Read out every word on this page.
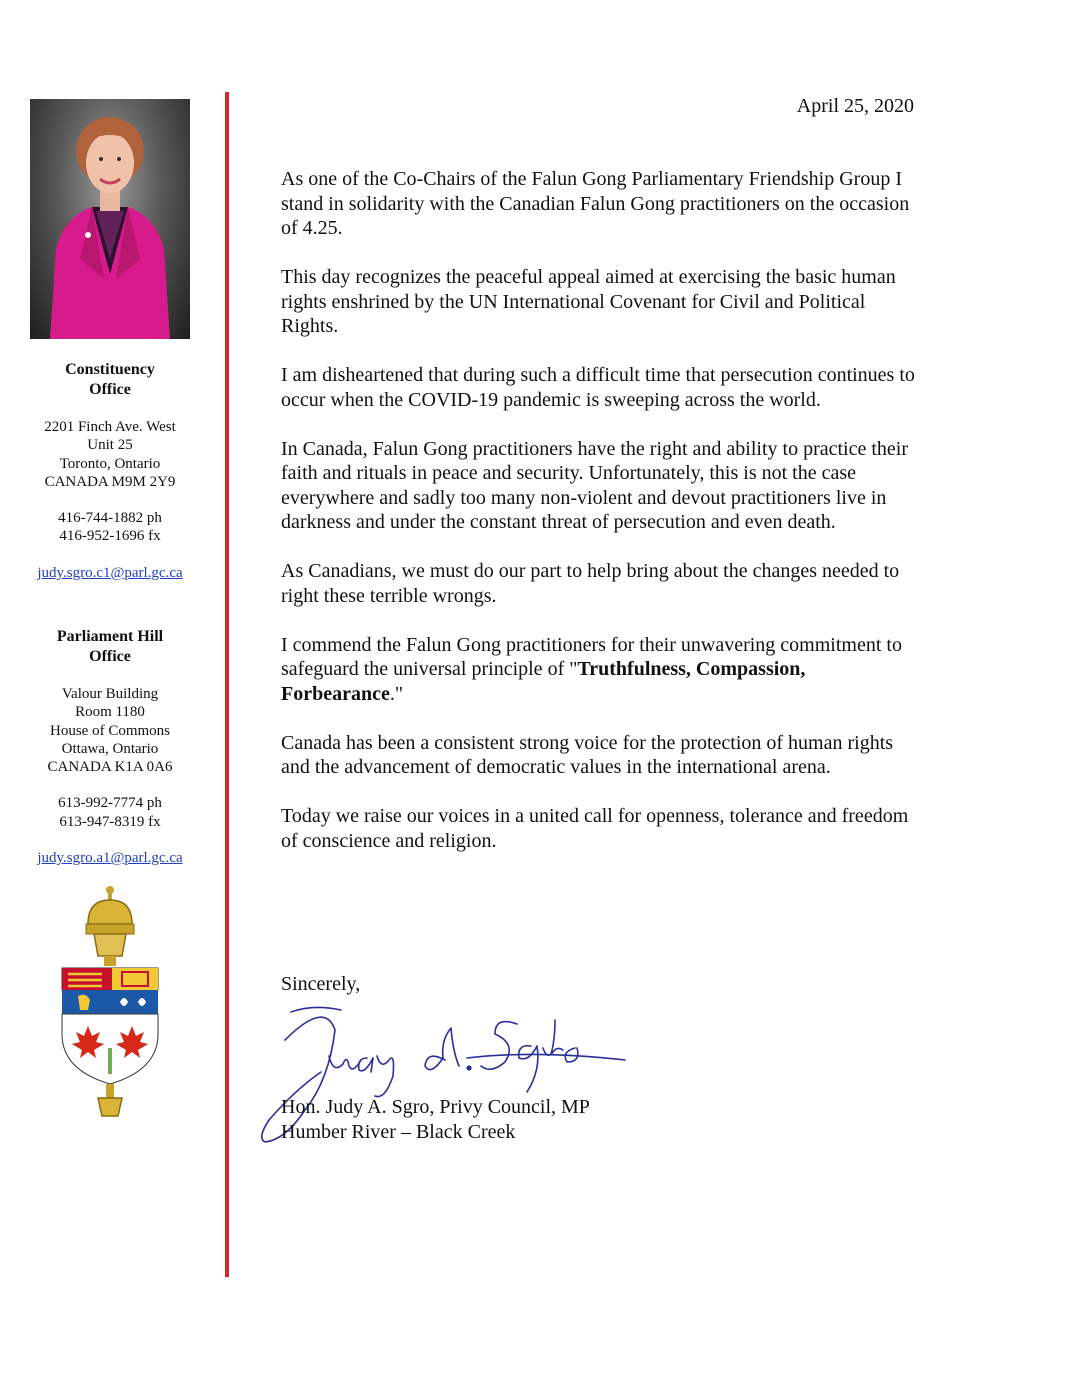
Constituency
Office
2201 Finch Ave. West
Unit 25
Toronto, Ontario
CANADA M9M 2Y9
416-744-1882 ph
416-952-1696 fx
judy.sgro.c1@parl.gc.ca
Parliament Hill
Office
Valour Building
Room 1180
House of Commons
Ottawa, Ontario
CANADA K1A 0A6
613-992-7774 ph
613-947-8319 fx
judy.sgro.a1@parl.gc.ca
April 25, 2020

As one of the Co-Chairs of the Falun Gong Parliamentary Friendship Group I stand in solidarity with the Canadian Falun Gong practitioners on the occasion of 4.25.

This day recognizes the peaceful appeal aimed at exercising the basic human rights enshrined by the UN International Covenant for Civil and Political Rights.

I am disheartened that during such a difficult time that persecution continues to occur when the COVID-19 pandemic is sweeping across the world.

In Canada, Falun Gong practitioners have the right and ability to practice their faith and rituals in peace and security. Unfortunately, this is not the case everywhere and sadly too many non-violent and devout practitioners live in darkness and under the constant threat of persecution and even death.

As Canadians, we must do our part to help bring about the changes needed to right these terrible wrongs.

I commend the Falun Gong practitioners for their unwavering commitment to safeguard the universal principle of "Truthfulness, Compassion, Forbearance."

Canada has been a consistent strong voice for the protection of human rights and the advancement of democratic values in the international arena.

Today we raise our voices in a united call for openness, tolerance and freedom of conscience and religion.

Sincerely,
Hon. Judy A. Sgro, Privy Council, MP
Humber River – Black Creek
